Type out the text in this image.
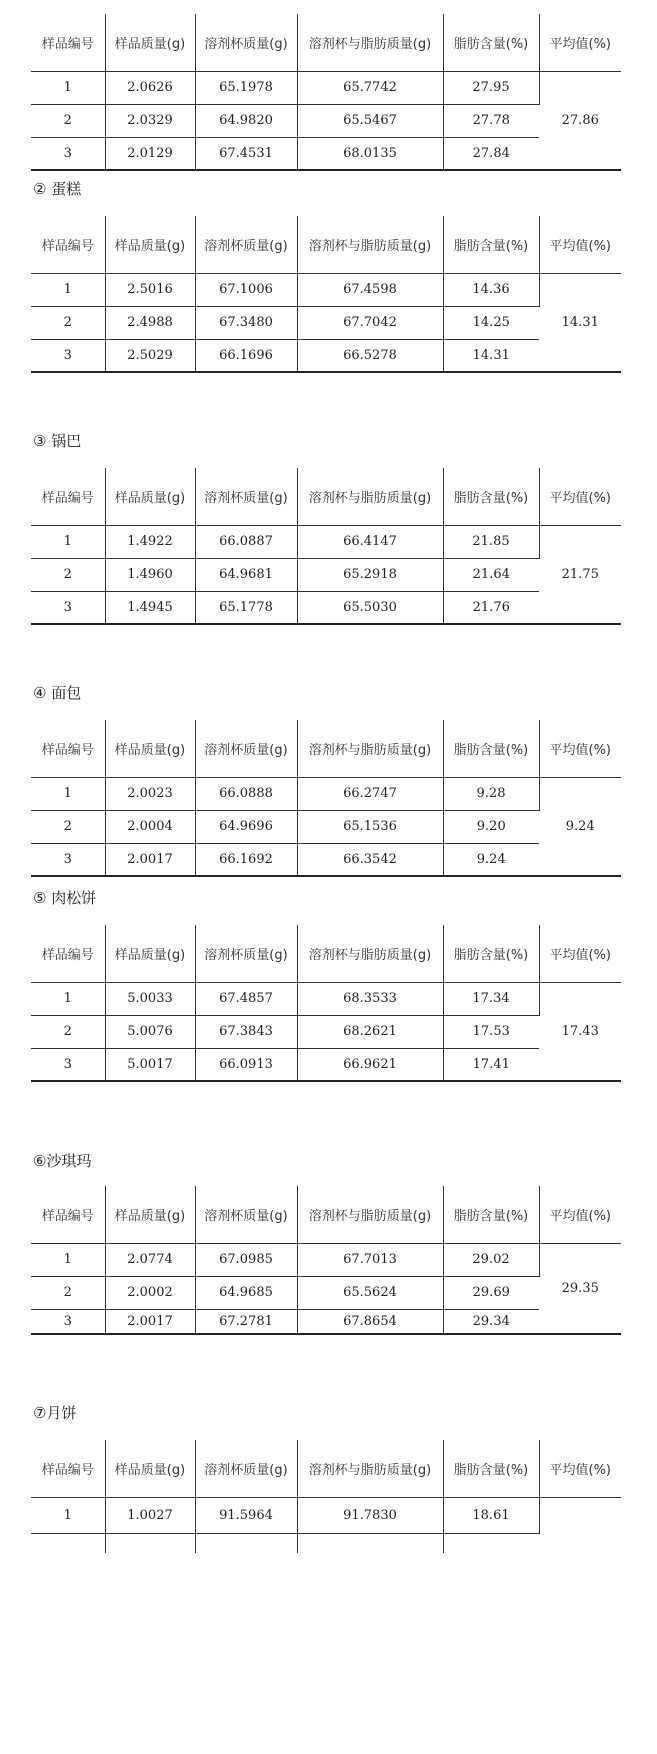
样品编号	样品质量(g)	溶剂杯质量(g)	溶剂杯与脂肪质量(g)	脂肪含量(%)	平均值(%)
1	2.0626	65.1978	65.7742	27.95	27.86
2	2.0329	64.9820	65.5467	27.78	
3	2.0129	67.4531	68.0135	27.84	
② 蛋糕
样品编号	样品质量(g)	溶剂杯质量(g)	溶剂杯与脂肪质量(g)	脂肪含量(%)	平均值(%)
1	2.5016	67.1006	67.4598	14.36	14.31
2	2.4988	67.3480	67.7042	14.25	
3	2.5029	66.1696	66.5278	14.31	
③ 锅巴
样品编号	样品质量(g)	溶剂杯质量(g)	溶剂杯与脂肪质量(g)	脂肪含量(%)	平均值(%)
1	1.4922	66.0887	66.4147	21.85	21.75
2	1.4960	64.9681	65.2918	21.64	
3	1.4945	65.1778	65.5030	21.76	
④ 面包
样品编号	样品质量(g)	溶剂杯质量(g)	溶剂杯与脂肪质量(g)	脂肪含量(%)	平均值(%)
1	2.0023	66.0888	66.2747	9.28	9.24
2	2.0004	64.9696	65.1536	9.20	
3	2.0017	66.1692	66.3542	9.24	
⑤ 肉松饼
样品编号	样品质量(g)	溶剂杯质量(g)	溶剂杯与脂肪质量(g)	脂肪含量(%)	平均值(%)
1	5.0033	67.4857	68.3533	17.34	17.43
2	5.0076	67.3843	68.2621	17.53	
3	5.0017	66.0913	66.9621	17.41	
⑥沙琪玛
样品编号	样品质量(g)	溶剂杯质量(g)	溶剂杯与脂肪质量(g)	脂肪含量(%)	平均值(%)
1	2.0774	67.0985	67.7013	29.02	29.35
2	2.0002	64.9685	65.5624	29.69	
3	2.0017	67.2781	67.8654	29.34	
⑦月饼
样品编号	样品质量(g)	溶剂杯质量(g)	溶剂杯与脂肪质量(g)	脂肪含量(%)	平均值(%)
1	1.0027	91.5964	91.7830	18.61	
